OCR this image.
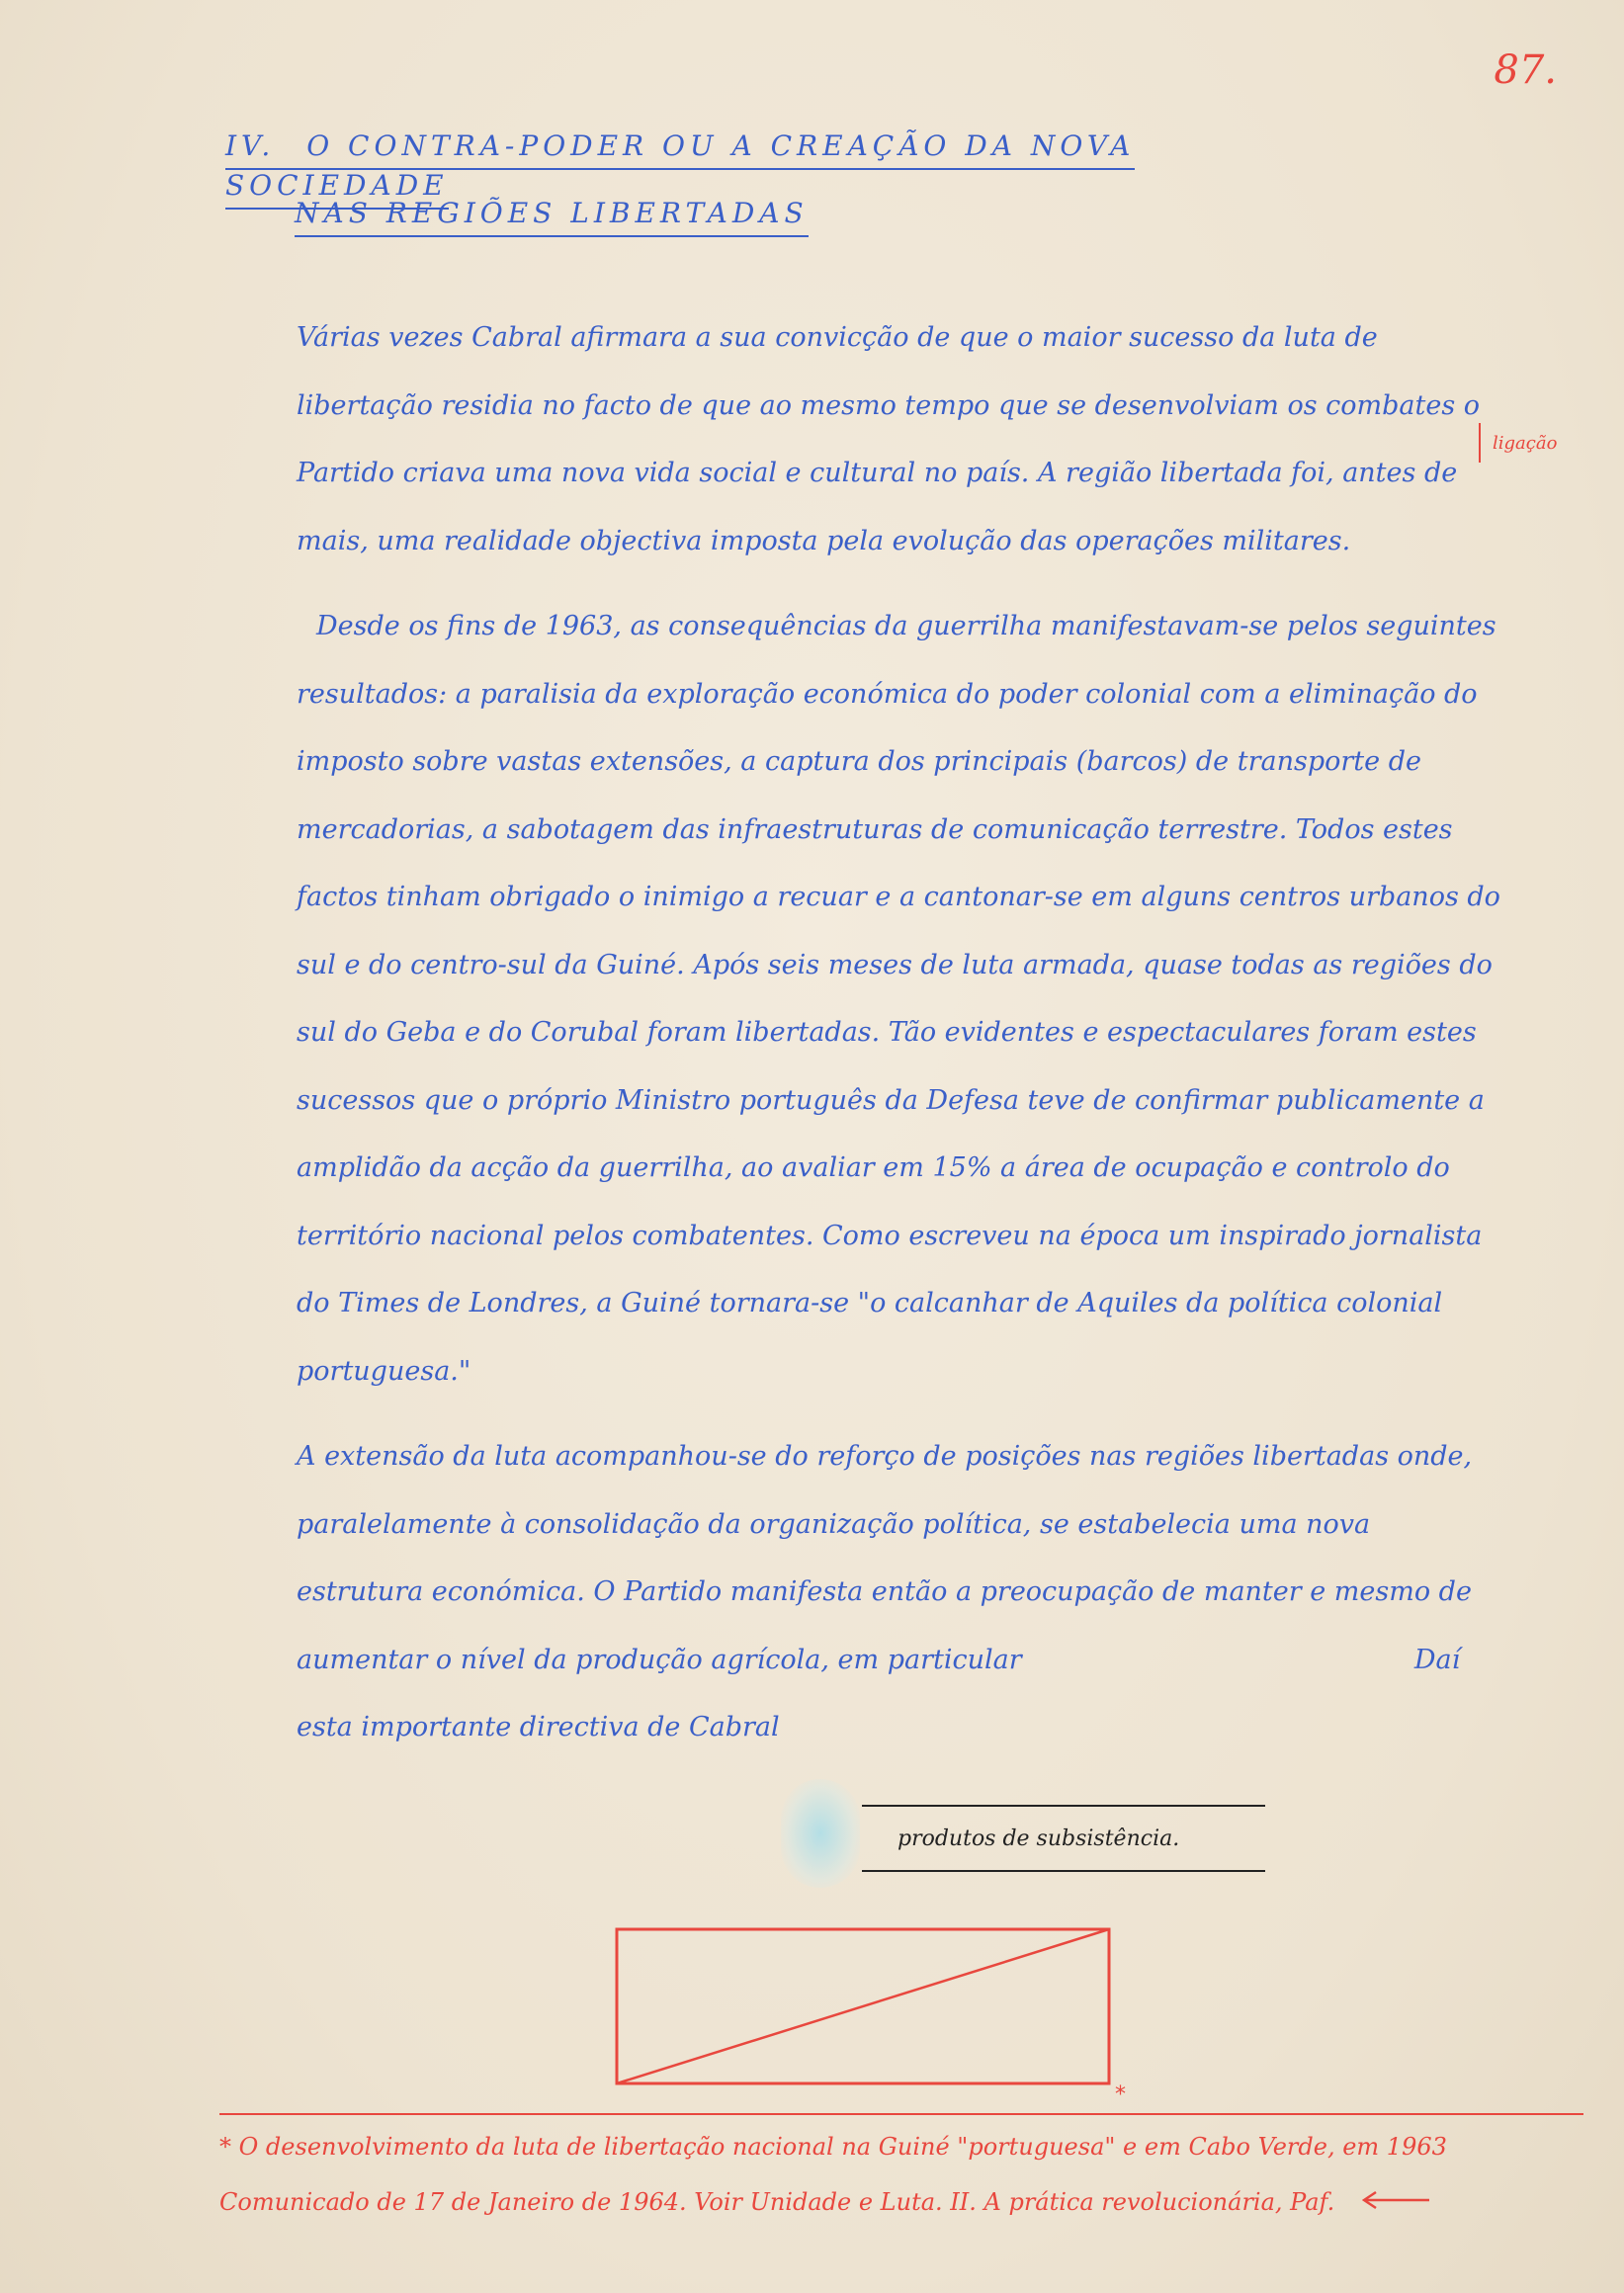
87.
IV. O CONTRA-PODER OU A CREAÇÃO DA NOVA SOCIEDADE
NAS REGIÕES LIBERTADAS
ligação

Várias vezes Cabral afirmara a sua convicção de que o maior sucesso da luta de libertação residia no facto de que ao mesmo tempo que se desenvolviam os combates o Partido criava uma nova vida social e cultural no país. A região libertada foi, antes de mais, uma realidade objectiva imposta pela evolução das operações militares.

Desde os fins de 1963, as consequências da guerrilha manifestavam-se pelos seguintes resultados: a paralisia da exploração económica do poder colonial com a eliminação do imposto sobre vastas extensões, a captura dos principais (barcos) de transporte de mercadorias, a sabotagem das infraestruturas de comunicação terrestre. Todos estes factos tinham obrigado o inimigo a recuar e a cantonar-se em alguns centros urbanos do sul e do centro-sul da Guiné. Após seis meses de luta armada, quase todas as regiões do sul do Geba e do Corubal foram libertadas. Tão evidentes e espectaculares foram estes sucessos que o próprio Ministro português da Defesa teve de confirmar publicamente a amplidão da acção da guerrilha, ao avaliar em 15% a área de ocupação e controlo do território nacional pelos combatentes. Como escreveu na época um inspirado jornalista do Times de Londres, a Guiné tornara-se "o calcanhar de Aquiles da política colonial portuguesa."

A extensão da luta acompanhou-se do reforço de posições nas regiões libertadas onde, paralelamente à consolidação da organização política, se estabelecia uma nova estrutura económica. O Partido manifesta então a preocupação de manter e mesmo de aumentar o nível da produção agrícola, em particular	Daí esta importante directiva de Cabral

produtos de subsistência.
*
* O desenvolvimento da luta de libertação nacional na Guiné "portuguesa" e em Cabo Verde, em 1963
Comunicado de 17 de Janeiro de 1964. Voir Unidade e Luta. II. A prática revolucionária, Paf.
